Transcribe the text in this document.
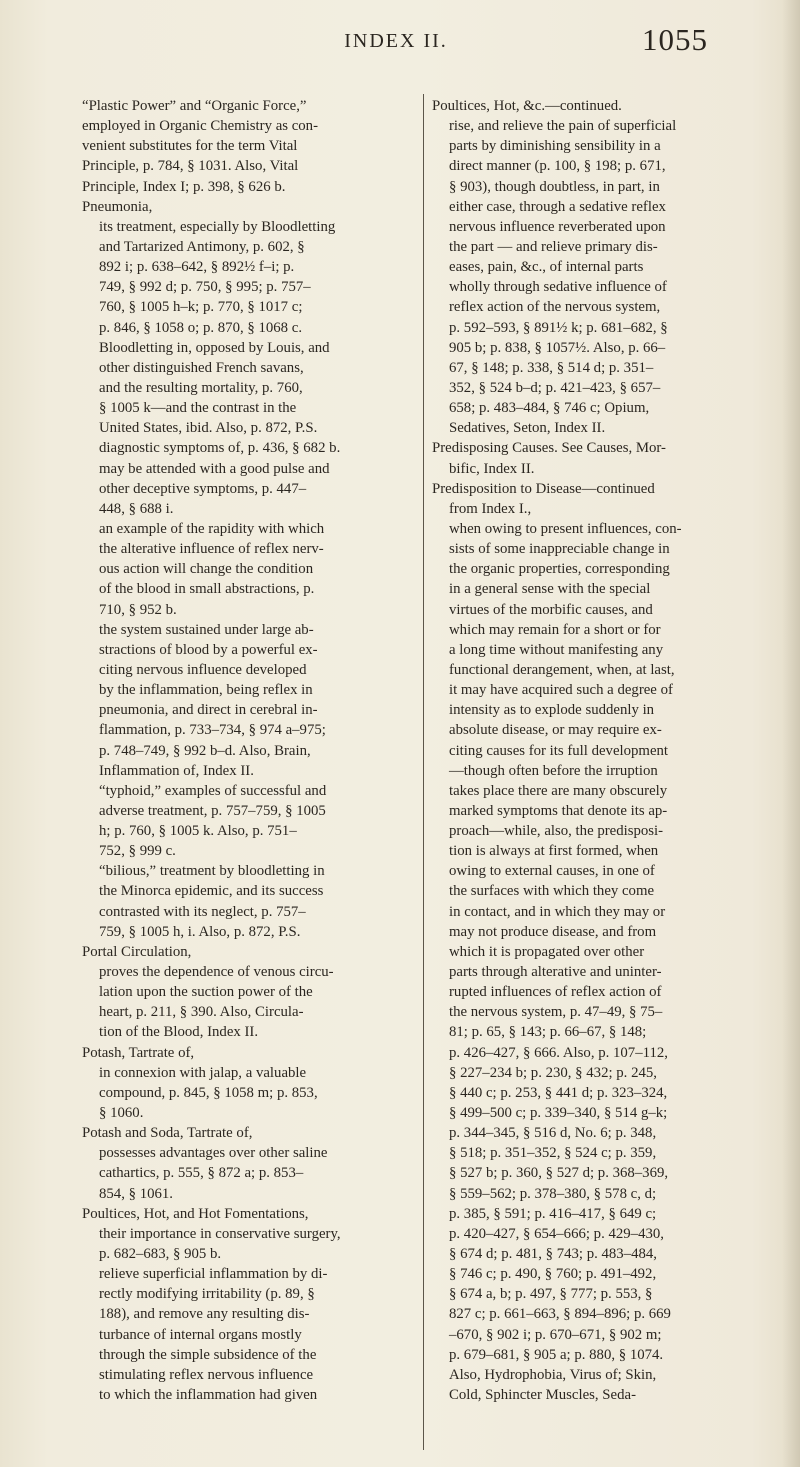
INDEX II.	1055
“Plastic Power” and “Organic Force,”
employed in Organic Chemistry as con-
venient substitutes for the term Vital
Principle, p. 784, § 1031. Also, Vital
Principle, Index I; p. 398, § 626 b.
Pneumonia,
its treatment, especially by Bloodletting
and Tartarized Antimony, p. 602, §
892 i; p. 638–642, § 892½ f–i; p.
749, § 992 d; p. 750, § 995; p. 757–
760, § 1005 h–k; p. 770, § 1017 c;
p. 846, § 1058 o; p. 870, § 1068 c.
Bloodletting in, opposed by Louis, and
other distinguished French savans,
and the resulting mortality, p. 760,
§ 1005 k—and the contrast in the
United States, ibid. Also, p. 872, P.S.
diagnostic symptoms of, p. 436, § 682 b.
may be attended with a good pulse and
other deceptive symptoms, p. 447–
448, § 688 i.
an example of the rapidity with which
the alterative influence of reflex nerv-
ous action will change the condition
of the blood in small abstractions, p.
710, § 952 b.
the system sustained under large ab-
stractions of blood by a powerful ex-
citing nervous influence developed
by the inflammation, being reflex in
pneumonia, and direct in cerebral in-
flammation, p. 733–734, § 974 a–975;
p. 748–749, § 992 b–d. Also, Brain,
Inflammation of, Index II.
“typhoid,” examples of successful and
adverse treatment, p. 757–759, § 1005
h; p. 760, § 1005 k. Also, p. 751–
752, § 999 c.
“bilious,” treatment by bloodletting in
the Minorca epidemic, and its success
contrasted with its neglect, p. 757–
759, § 1005 h, i. Also, p. 872, P.S.
Portal Circulation,
proves the dependence of venous circu-
lation upon the suction power of the
heart, p. 211, § 390. Also, Circula-
tion of the Blood, Index II.
Potash, Tartrate of,
in connexion with jalap, a valuable
compound, p. 845, § 1058 m; p. 853,
§ 1060.
Potash and Soda, Tartrate of,
possesses advantages over other saline
cathartics, p. 555, § 872 a; p. 853–
854, § 1061.
Poultices, Hot, and Hot Fomentations,
their importance in conservative surgery,
p. 682–683, § 905 b.
relieve superficial inflammation by di-
rectly modifying irritability (p. 89, §
188), and remove any resulting dis-
turbance of internal organs mostly
through the simple subsidence of the
stimulating reflex nervous influence
to which the inflammation had given
Poultices, Hot, &c.—continued.
rise, and relieve the pain of superficial
parts by diminishing sensibility in a
direct manner (p. 100, § 198; p. 671,
§ 903), though doubtless, in part, in
either case, through a sedative reflex
nervous influence reverberated upon
the part — and relieve primary dis-
eases, pain, &c., of internal parts
wholly through sedative influence of
reflex action of the nervous system,
p. 592–593, § 891½ k; p. 681–682, §
905 b; p. 838, § 1057½. Also, p. 66–
67, § 148; p. 338, § 514 d; p. 351–
352, § 524 b–d; p. 421–423, § 657–
658; p. 483–484, § 746 c; Opium,
Sedatives, Seton, Index II.
Predisposing Causes. See Causes, Mor-
bific, Index II.
Predisposition to Disease—continued
from Index I.,
when owing to present influences, con-
sists of some inappreciable change in
the organic properties, corresponding
in a general sense with the special
virtues of the morbific causes, and
which may remain for a short or for
a long time without manifesting any
functional derangement, when, at last,
it may have acquired such a degree of
intensity as to explode suddenly in
absolute disease, or may require ex-
citing causes for its full development
—though often before the irruption
takes place there are many obscurely
marked symptoms that denote its ap-
proach—while, also, the predisposi-
tion is always at first formed, when
owing to external causes, in one of
the surfaces with which they come
in contact, and in which they may or
may not produce disease, and from
which it is propagated over other
parts through alterative and uninter-
rupted influences of reflex action of
the nervous system, p. 47–49, § 75–
81; p. 65, § 143; p. 66–67, § 148;
p. 426–427, § 666. Also, p. 107–112,
§ 227–234 b; p. 230, § 432; p. 245,
§ 440 c; p. 253, § 441 d; p. 323–324,
§ 499–500 c; p. 339–340, § 514 g–k;
p. 344–345, § 516 d, No. 6; p. 348,
§ 518; p. 351–352, § 524 c; p. 359,
§ 527 b; p. 360, § 527 d; p. 368–369,
§ 559–562; p. 378–380, § 578 c, d;
p. 385, § 591; p. 416–417, § 649 c;
p. 420–427, § 654–666; p. 429–430,
§ 674 d; p. 481, § 743; p. 483–484,
§ 746 c; p. 490, § 760; p. 491–492,
§ 674 a, b; p. 497, § 777; p. 553, §
827 c; p. 661–663, § 894–896; p. 669
–670, § 902 i; p. 670–671, § 902 m;
p. 679–681, § 905 a; p. 880, § 1074.
Also, Hydrophobia, Virus of; Skin,
Cold, Sphincter Muscles, Seda-
